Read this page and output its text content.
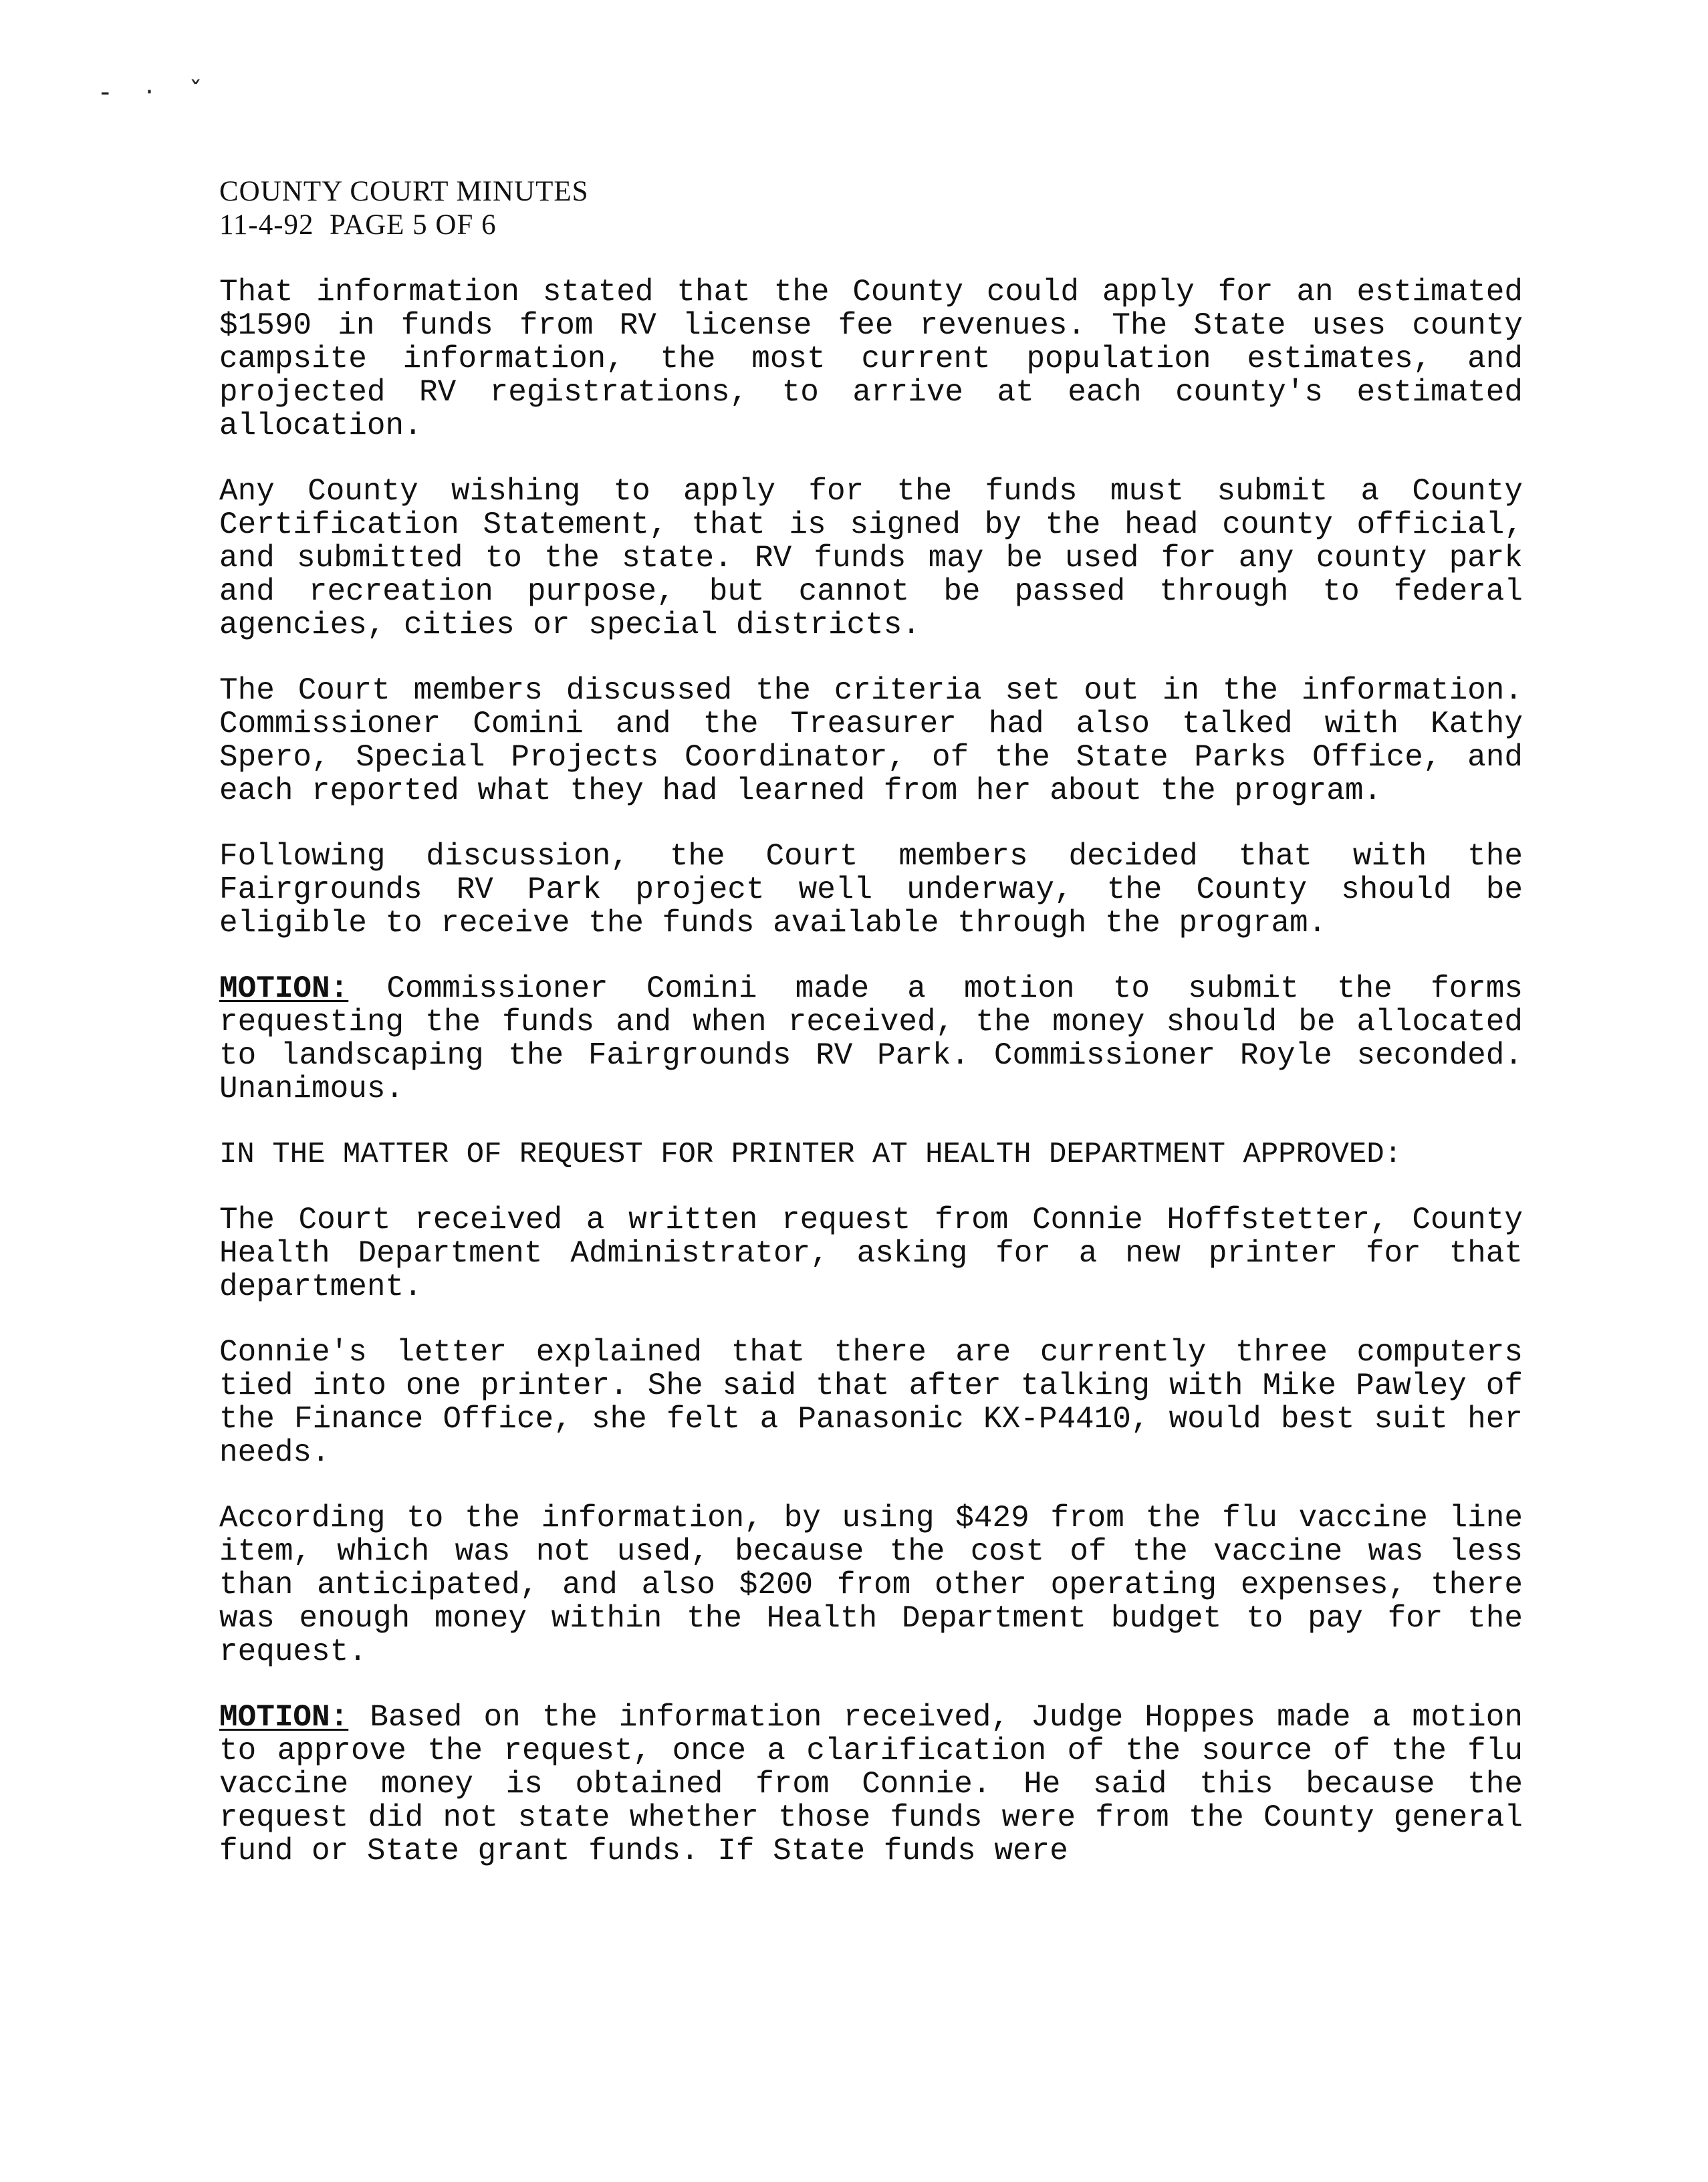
- · ˇ
COUNTY COURT MINUTES
11-4-92  PAGE 5 OF 6

That information stated that the County could apply for an estimated $1590 in funds from RV license fee revenues. The State uses county campsite information, the most current population estimates, and projected RV registrations, to arrive at each county's estimated allocation.

Any County wishing to apply for the funds must submit a County Certification Statement, that is signed by the head county official, and submitted to the state. RV funds may be used for any county park and recreation purpose, but cannot be passed through to federal agencies, cities or special districts.

The Court members discussed the criteria set out in the information. Commissioner Comini and the Treasurer had also talked with Kathy Spero, Special Projects Coordinator, of the State Parks Office, and each reported what they had learned from her about the program.

Following discussion, the Court members decided that with the Fairgrounds RV Park project well underway, the County should be eligible to receive the funds available through the program.

MOTION: Commissioner Comini made a motion to submit the forms requesting the funds and when received, the money should be allocated to landscaping the Fairgrounds RV Park. Commissioner Royle seconded. Unanimous.

IN THE MATTER OF REQUEST FOR PRINTER AT HEALTH DEPARTMENT APPROVED:

The Court received a written request from Connie Hoffstetter, County Health Department Administrator, asking for a new printer for that department.

Connie's letter explained that there are currently three computers tied into one printer. She said that after talking with Mike Pawley of the Finance Office, she felt a Panasonic KX-P4410, would best suit her needs.

According to the information, by using $429 from the flu vaccine line item, which was not used, because the cost of the vaccine was less than anticipated, and also $200 from other operating expenses, there was enough money within the Health Department budget to pay for the request.

MOTION: Based on the information received, Judge Hoppes made a motion to approve the request, once a clarification of the source of the flu vaccine money is obtained from Connie. He said this because the request did not state whether those funds were from the County general fund or State grant funds. If State funds were
